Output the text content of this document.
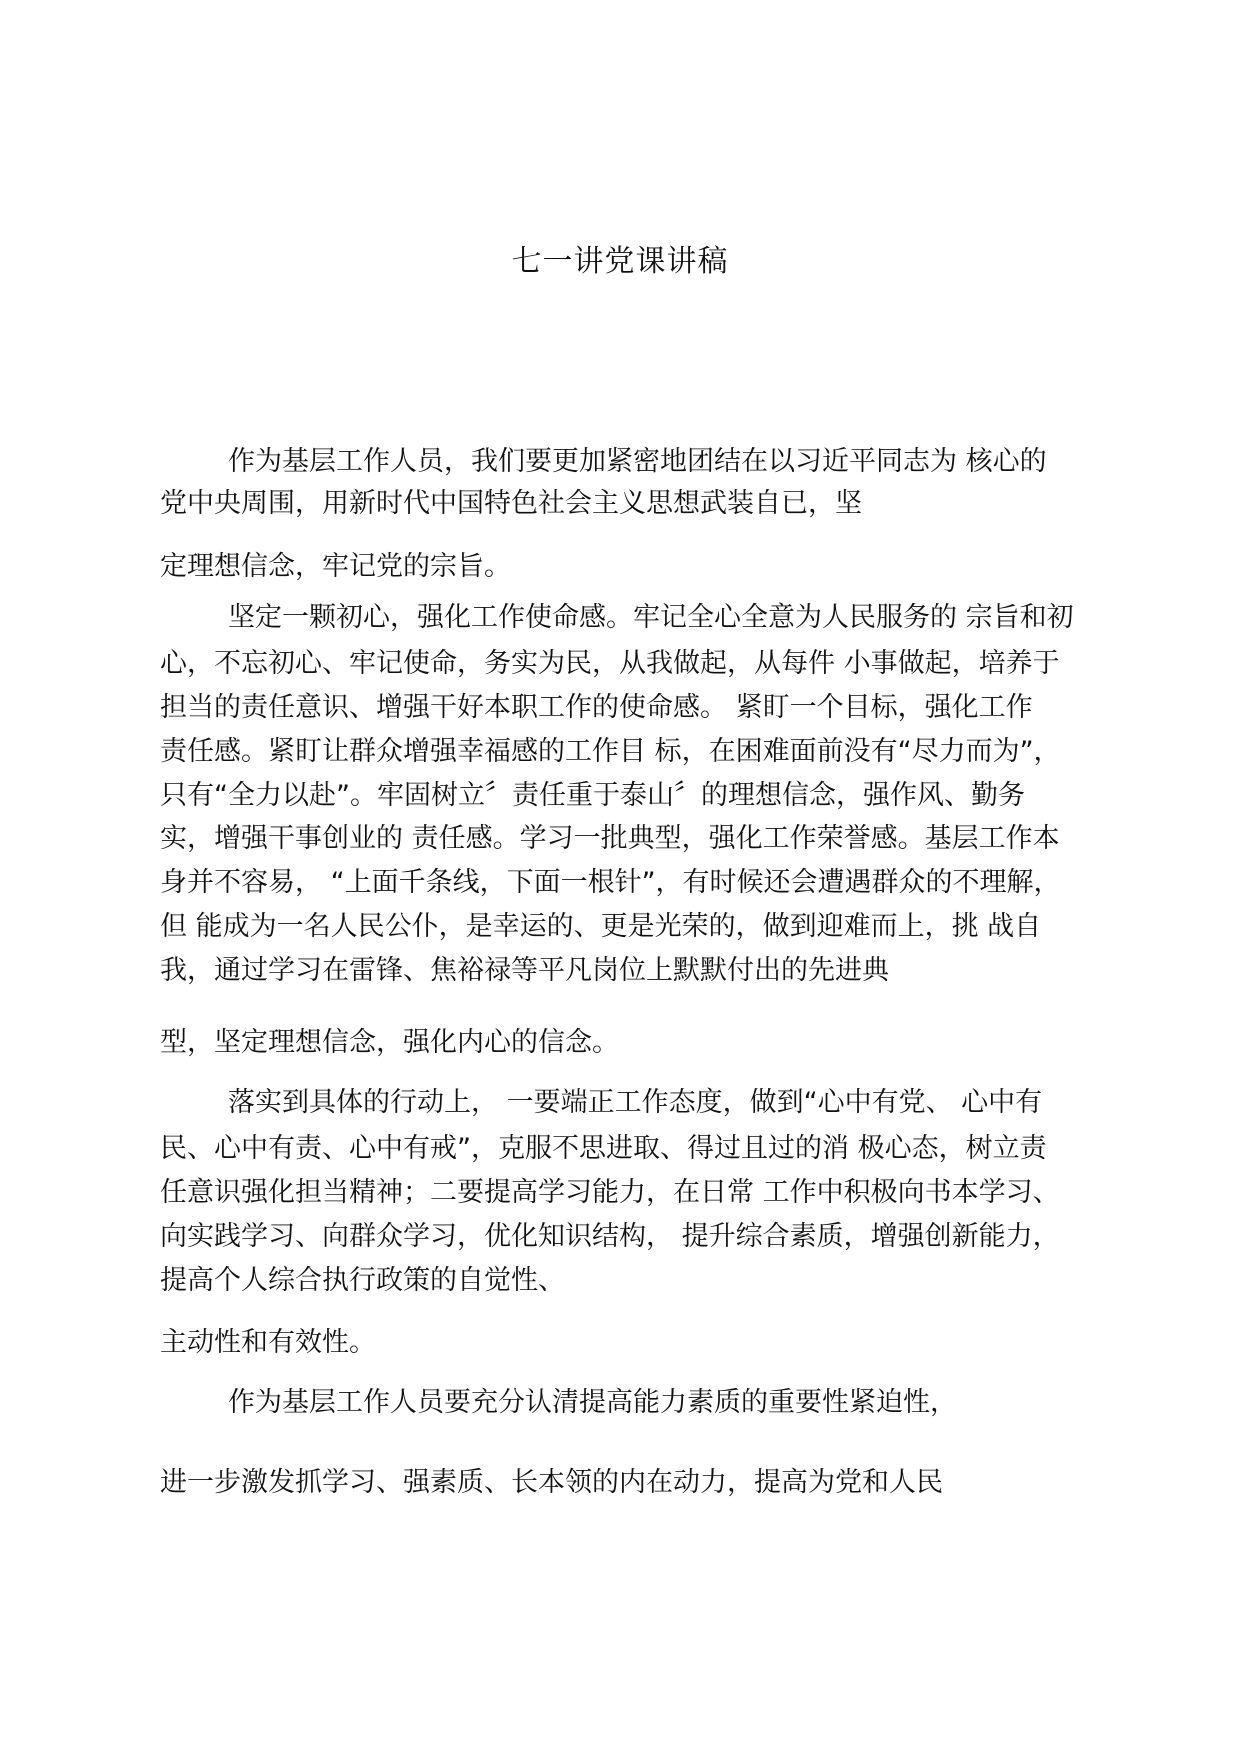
七一讲党课讲稿
作为基层工作人员，我们要更加紧密地团结在以习近平同志为 核心的
党中央周围，用新时代中国特色社会主义思想武装自已，坚
定理想信念，牢记党的宗旨。
坚定一颗初心，强化工作使命感。牢记全心全意为人民服务的 宗旨和初
心，不忘初心、牢记使命，务实为民，从我做起，从每件 小事做起，培养于
担当的责任意识、增强干好本职工作的使命感。 紧盯一个目标，强化工作
责任感。紧盯让群众增强幸福感的工作目 标，在困难面前没有“尽力而为”，
只有“全力以赴”。牢固树立〞责任重于泰山〞的理想信念，强作风、勤务
实，增强干事创业的 责任感。学习一批典型，强化工作荣誉感。基层工作本
身并不容易， “上面千条线，下面一根针”，有时候还会遭遇群众的不理解，
但 能成为一名人民公仆，是幸运的、更是光荣的，做到迎难而上，挑 战自
我，通过学习在雷锋、焦裕禄等平凡岗位上默默付出的先进典
型，坚定理想信念，强化内心的信念。
落实到具体的行动上， 一要端正工作态度，做到“心中有党、 心中有
民、心中有责、心中有戒”，克服不思进取、得过且过的消 极心态，树立责
任意识强化担当精神；二要提高学习能力，在日常 工作中积极向书本学习、
向实践学习、向群众学习，优化知识结构， 提升综合素质，增强创新能力，
提高个人综合执行政策的自觉性、
主动性和有效性。
作为基层工作人员要充分认清提高能力素质的重要性紧迫性，
进一步激发抓学习、强素质、长本领的内在动力，提高为党和人民
